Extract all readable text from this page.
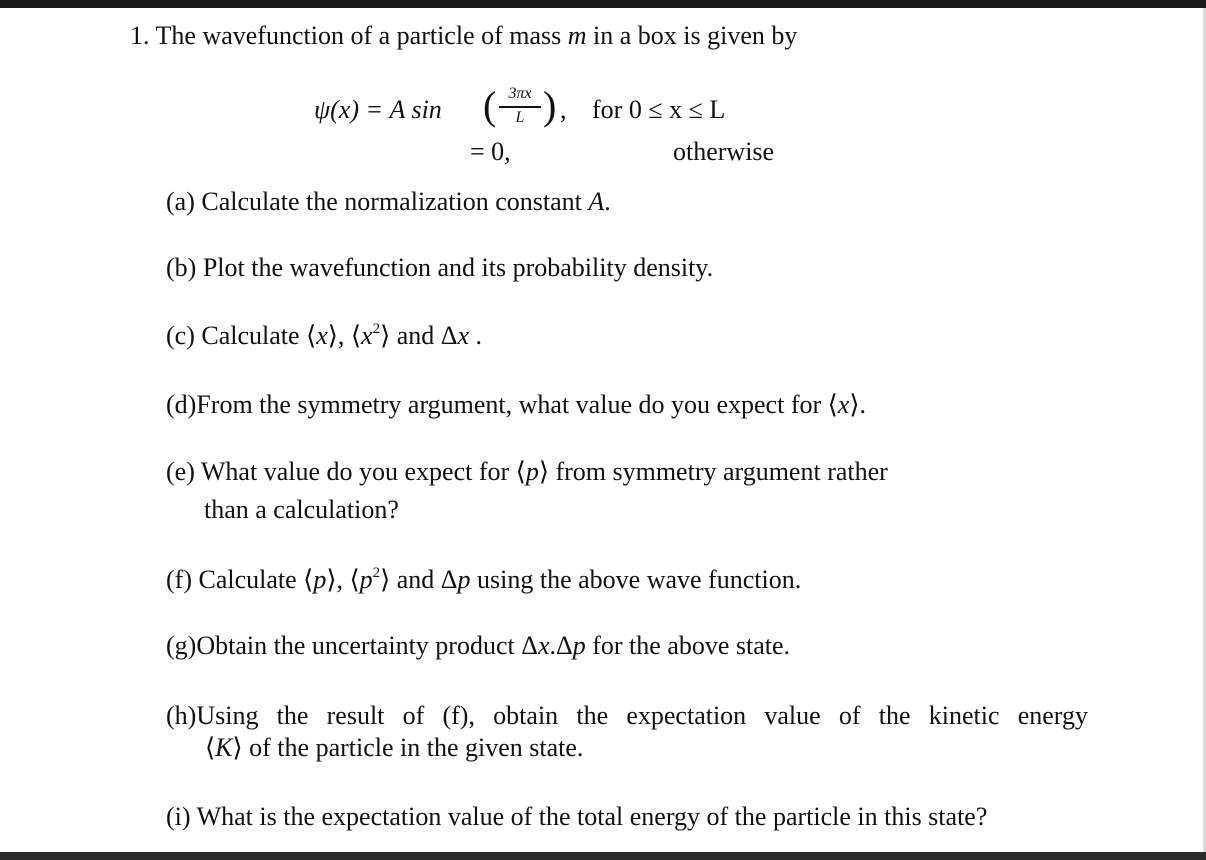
1. The wavefunction of a particle of mass m in a box is given by
ψ(x) = A sin ( 3πx
L ) , for 0 ≤ x ≤ L
= 0,	otherwise
(a) Calculate the normalization constant A.
(b) Plot the wavefunction and its probability density.
(c) Calculate ⟨x⟩, $⟨x^2⟩$ and Δx .
(d)From the symmetry argument, what value do you expect for ⟨x⟩.
(e) What value do you expect for ⟨p⟩ from symmetry argument rather
than a calculation?
(f) Calculate ⟨p⟩, $⟨p^2⟩$ and Δp using the above wave function.
(g)Obtain the uncertainty product Δx.Δp for the above state.
(h)Using the result of (f), obtain the expectation value of the kinetic energy
⟨K⟩ of the particle in the given state.
(i) What is the expectation value of the total energy of the particle in this state?
